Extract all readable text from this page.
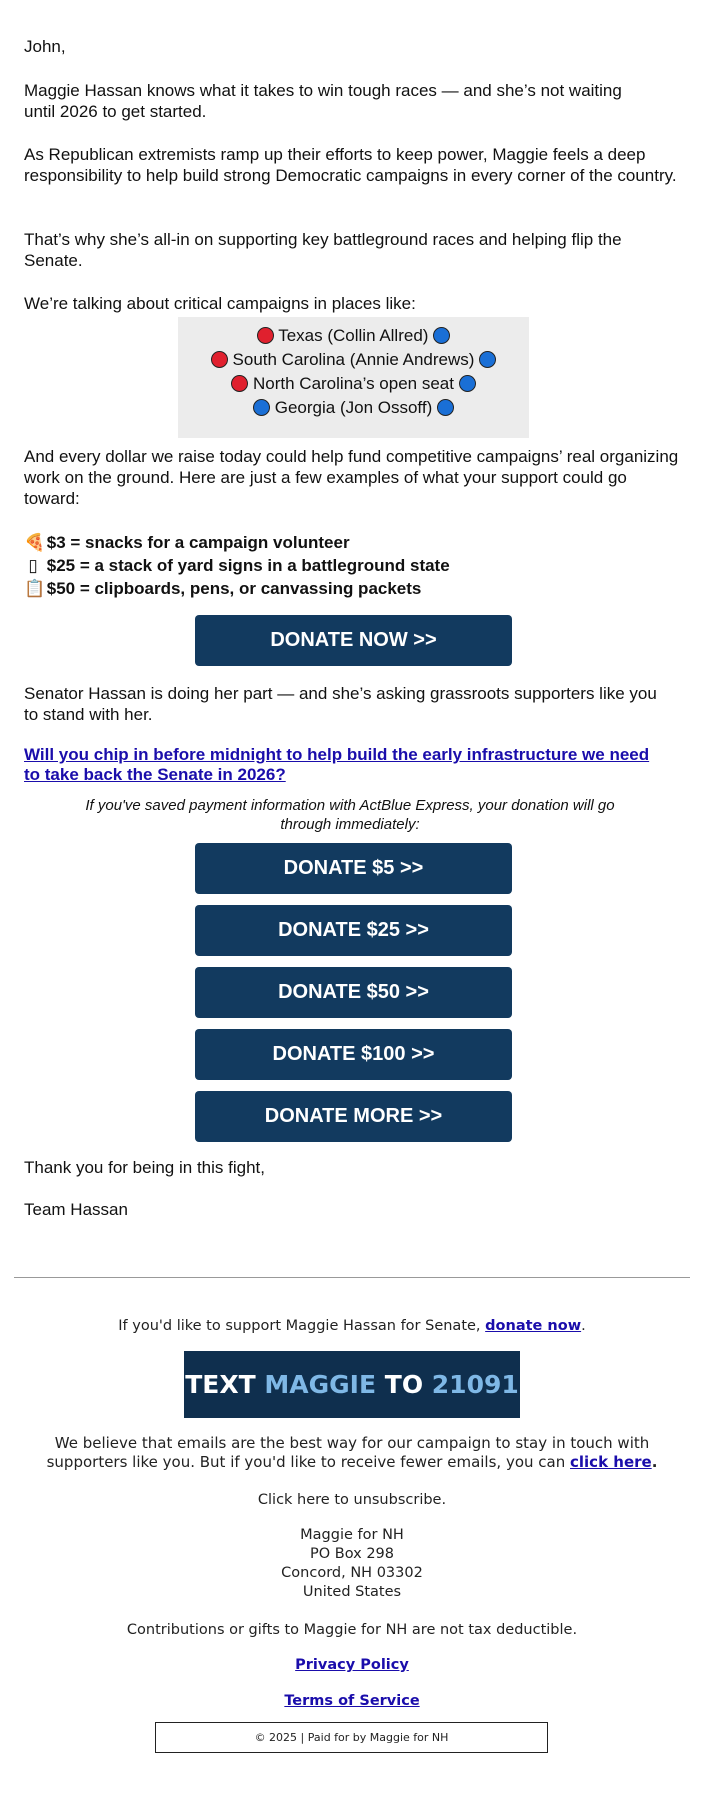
John,

Maggie Hassan knows what it takes to win tough races — and she’s not waiting until 2026 to get started.

As Republican extremists ramp up their efforts to keep power, Maggie feels a deep responsibility to help build strong Democratic campaigns in every corner of the country.

That’s why she’s all-in on supporting key battleground races and helping flip the Senate.

We’re talking about critical campaigns in places like:

Texas (Collin Allred)
South Carolina (Annie Andrews)
North Carolina’s open seat
Georgia (Jon Ossoff)

And every dollar we raise today could help fund competitive campaigns’ real organizing work on the ground. Here are just a few examples of what your support could go toward:

🍕 $3 = snacks for a campaign volunteer
▯ $25 = a stack of yard signs in a battleground state
📋 $50 = clipboards, pens, or canvassing packets
DONATE NOW >>

Senator Hassan is doing her part — and she’s asking grassroots supporters like you to stand with her.

Will you chip in before midnight to help build the early infrastructure we need to take back the Senate in 2026?

If you've saved payment information with ActBlue Express, your donation will go through immediately:

DONATE $5 >>
DONATE $25 >>
DONATE $50 >>
DONATE $100 >>
DONATE MORE >>

Thank you for being in this fight,

Team Hassan

If you'd like to support Maggie Hassan for Senate, donate now.
TEXT MAGGIE TO 21091
We believe that emails are the best way for our campaign to stay in touch with supporters like you. But if you'd like to receive fewer emails, you can click here.
Click here to unsubscribe.
Maggie for NH
PO Box 298
Concord, NH 03302
United States
Contributions or gifts to Maggie for NH are not tax deductible.
Privacy Policy
Terms of Service
© 2025 | Paid for by Maggie for NH
